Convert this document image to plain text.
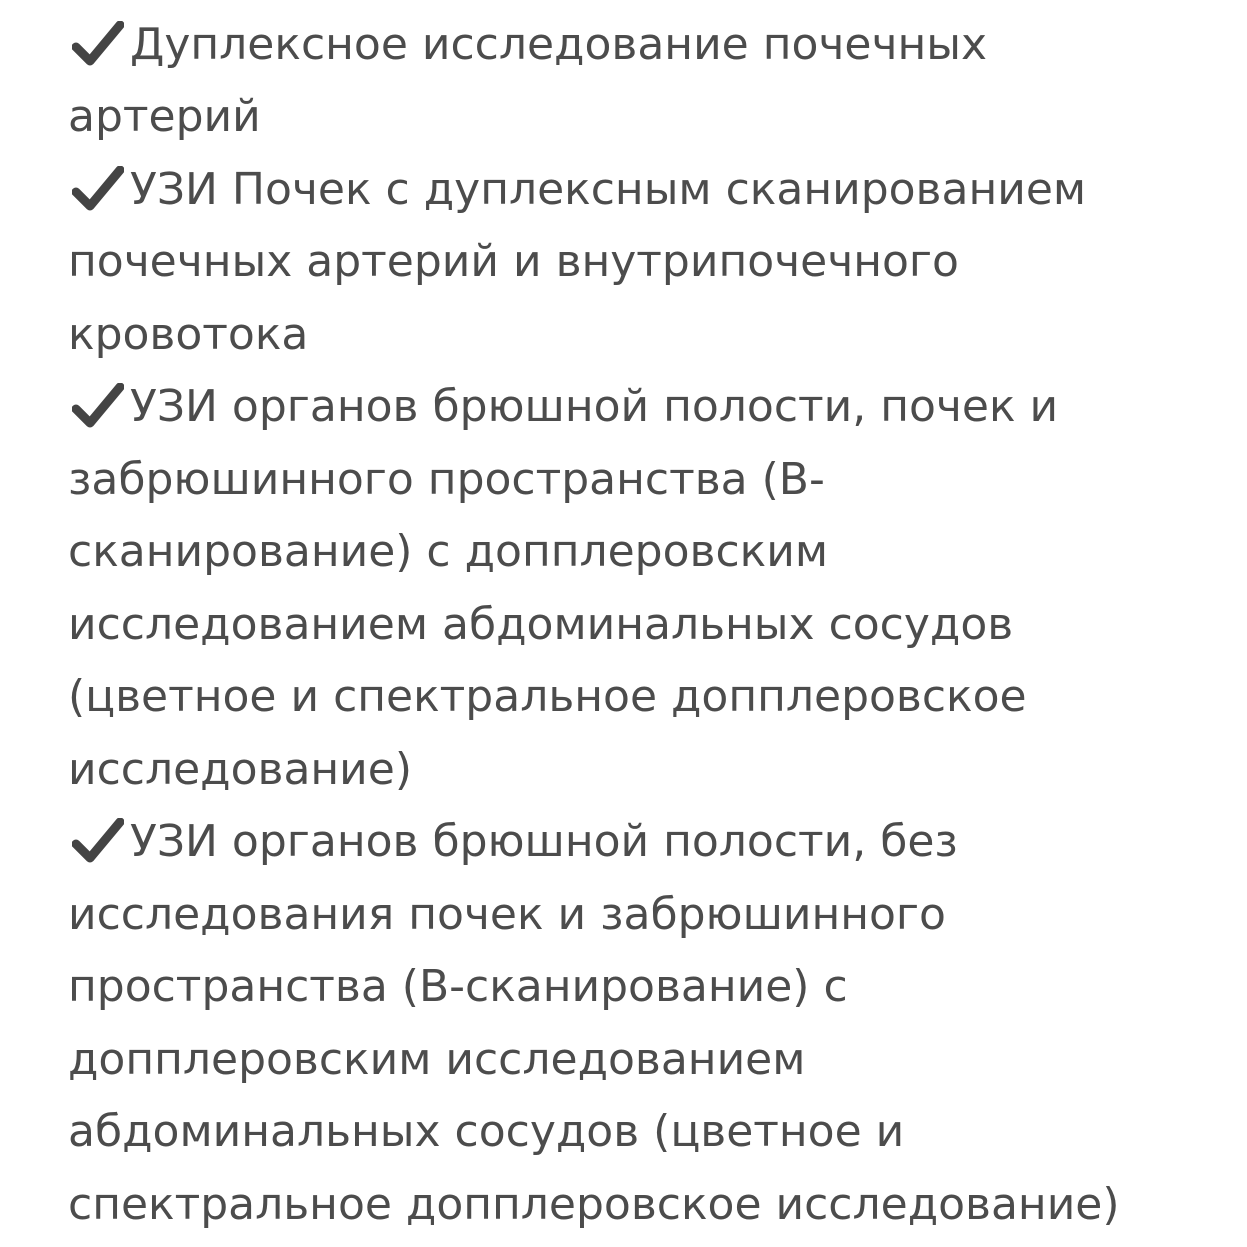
Дуплексное исследование почечных
артерий
УЗИ Почек с дуплексным сканированием
почечных артерий и внутрипочечного
кровотока
УЗИ органов брюшной полости, почек и
забрюшинного пространства (В-
сканирование) с допплеровским
исследованием абдоминальных сосудов
(цветное и спектральное допплеровское
исследование)
УЗИ органов брюшной полости, без
исследования почек и забрюшинного
пространства (В-сканирование) с
допплеровским исследованием
абдоминальных сосудов (цветное и
спектральное допплеровское исследование)
